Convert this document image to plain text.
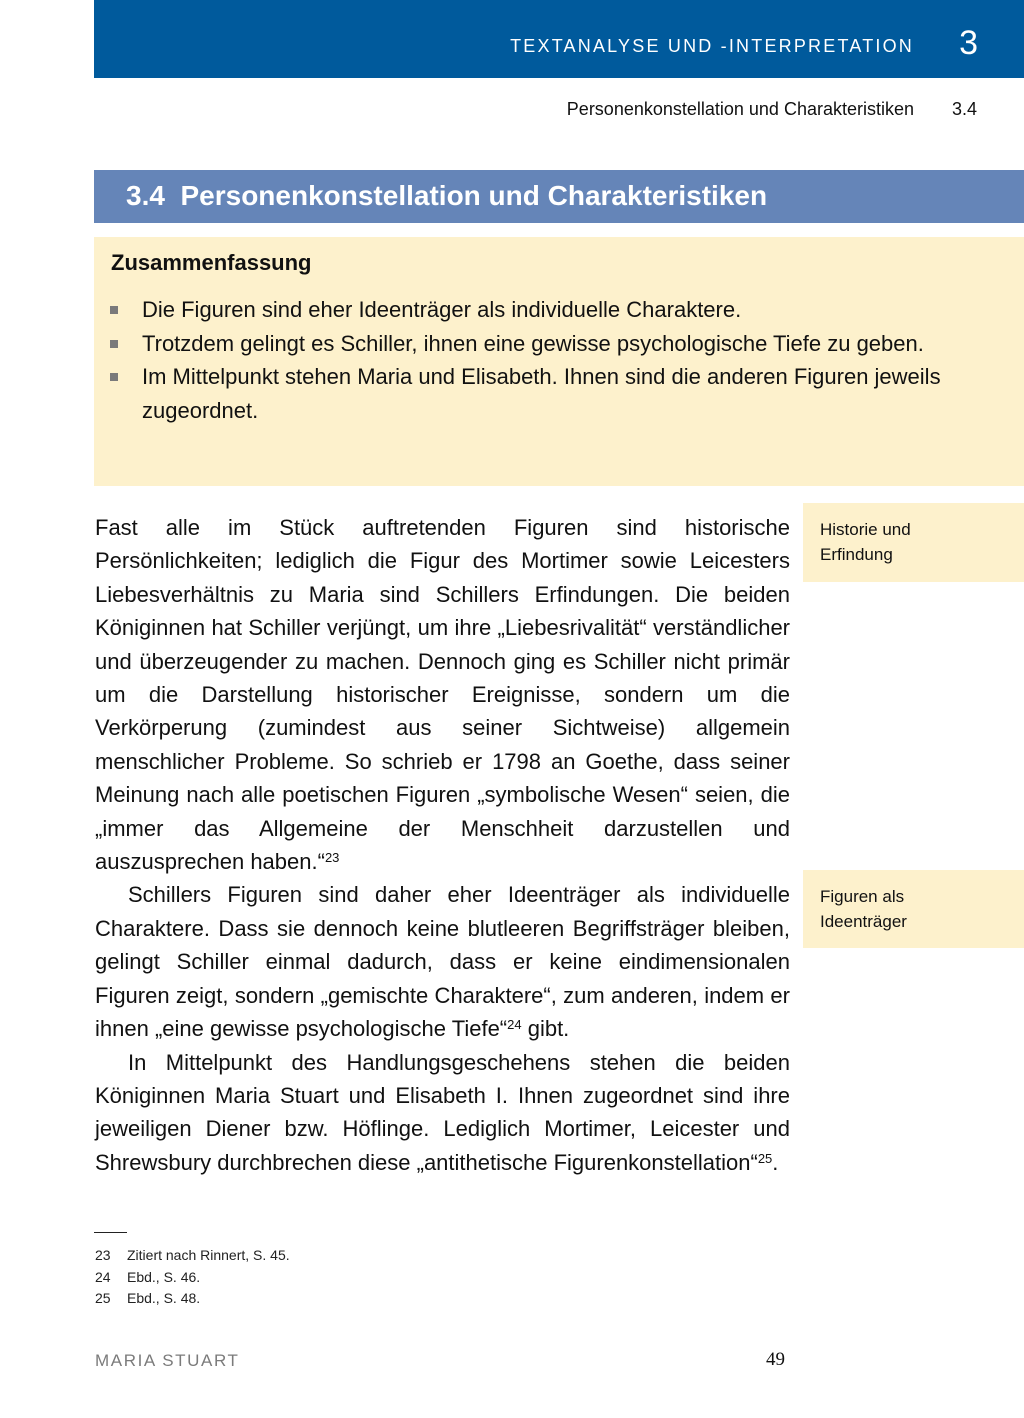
TEXTANALYSE UND -INTERPRETATION 3
Personenkonstellation und Charakteristiken 3.4
3.4  Personenkonstellation und Charakteristiken
Zusammenfassung
Die Figuren sind eher Ideenträger als individuelle Charaktere.
Trotzdem gelingt es Schiller, ihnen eine gewisse psychologische Tiefe zu geben.
Im Mittelpunkt stehen Maria und Elisabeth. Ihnen sind die anderen Figuren jeweils zugeordnet.

Fast alle im Stück auftretenden Figuren sind historische Persönlichkeiten; lediglich die Figur des Mortimer sowie Leicesters Liebesverhältnis zu Maria sind Schillers Erfindungen. Die beiden Königinnen hat Schiller verjüngt, um ihre „Liebesrivalität“ verständlicher und überzeugender zu machen. Dennoch ging es Schiller nicht primär um die Darstellung historischer Ereignisse, sondern um die Verkörperung (zumindest aus seiner Sichtweise) allgemein menschlicher Probleme. So schrieb er 1798 an Goethe, dass seiner Meinung nach alle poetischen Figuren „symbolische Wesen“ seien, die „immer das Allgemeine der Menschheit darzustellen und auszusprechen haben.“$^{23}$

Schillers Figuren sind daher eher Ideenträger als individuelle Charaktere. Dass sie dennoch keine blutleeren Begriffsträger bleiben, gelingt Schiller einmal dadurch, dass er keine eindimensionalen Figuren zeigt, sondern „gemischte Charaktere“, zum anderen, indem er ihnen „eine gewisse psychologische Tiefe“$^{24}$ gibt.

In Mittelpunkt des Handlungsgeschehens stehen die beiden Königinnen Maria Stuart und Elisabeth I. Ihnen zugeordnet sind ihre jeweiligen Diener bzw. Höflinge. Lediglich Mortimer, Leicester und Shrewsbury durchbrechen diese „antithetische Figurenkonstellation“$^{25}$.

Historie und
Erfindung
Figuren als
Ideenträger
23	Zitiert nach Rinnert, S. 45.
24	Ebd., S. 46.
25	Ebd., S. 48.
MARIA STUART	49
